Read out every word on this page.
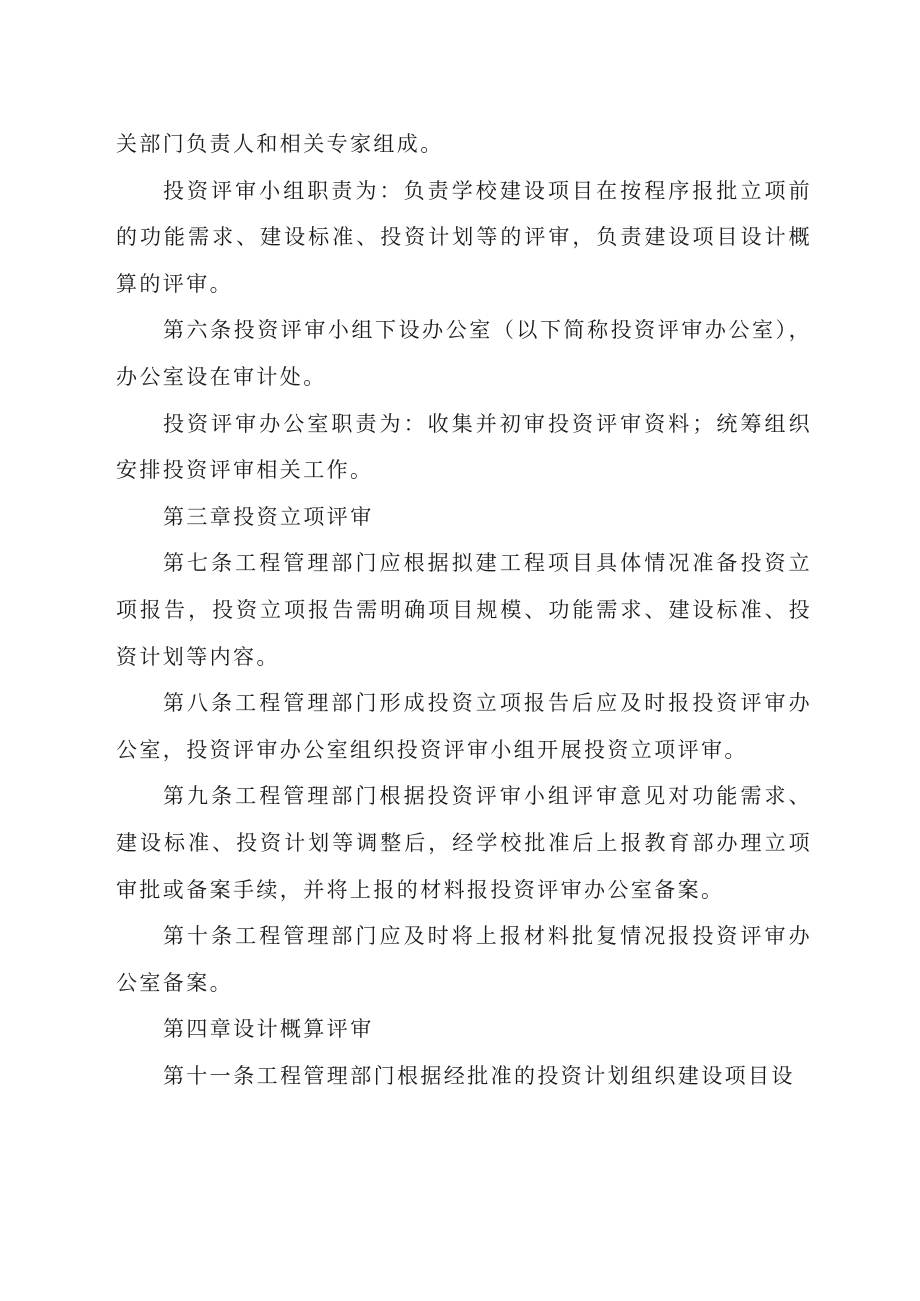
关部门负责人和相关专家组成。

投资评审小组职责为：负责学校建设项目在按程序报批立项前的功能需求、建设标准、投资计划等的评审，负责建设项目设计概算的评审。

第六条投资评审小组下设办公室（以下简称投资评审办公室），办公室设在审计处。

投资评审办公室职责为：收集并初审投资评审资料；统筹组织安排投资评审相关工作。

第三章投资立项评审

第七条工程管理部门应根据拟建工程项目具体情况准备投资立项报告，投资立项报告需明确项目规模、功能需求、建设标准、投资计划等内容。

第八条工程管理部门形成投资立项报告后应及时报投资评审办公室，投资评审办公室组织投资评审小组开展投资立项评审。

第九条工程管理部门根据投资评审小组评审意见对功能需求、建设标准、投资计划等调整后，经学校批准后上报教育部办理立项审批或备案手续，并将上报的材料报投资评审办公室备案。

第十条工程管理部门应及时将上报材料批复情况报投资评审办公室备案。

第四章设计概算评审

第十一条工程管理部门根据经批准的投资计划组织建设项目设
